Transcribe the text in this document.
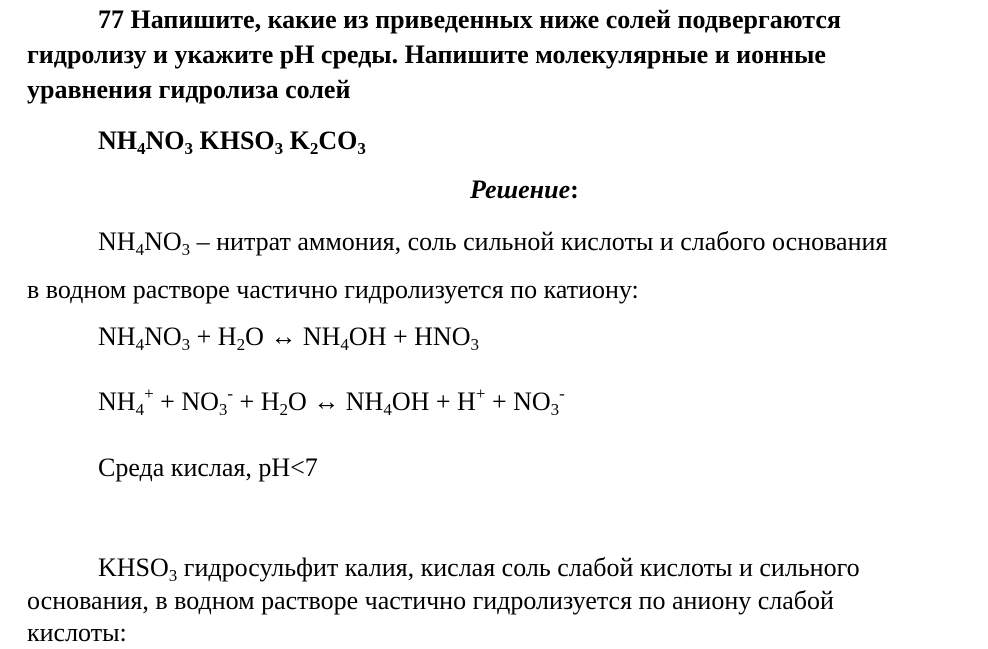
77 Напишите, какие из приведенных ниже солей подвергаются
гидролизу и укажите pH среды. Напишите молекулярные и ионные
уравнения гидролиза солей
$NH_4NO_3$ $KHSO_3$ $K_2CO_3$
Решение:
$NH_4NO_3$ – нитрат аммония, соль сильной кислоты и слабого основания
в водном растворе частично гидролизуется по катиону:
$NH_4NO_3 + H_2O$ ↔ $NH_4OH + HNO_3$
$NH_4^+ + NO_3^- + H_2O$ ↔ $NH_4OH + H^+ + NO_3^-$
Среда кислая, pH<7
$KHSO_3$ гидросульфит калия, кислая соль слабой кислоты и сильного
основания, в водном растворе частично гидролизуется по аниону слабой
кислоты:
